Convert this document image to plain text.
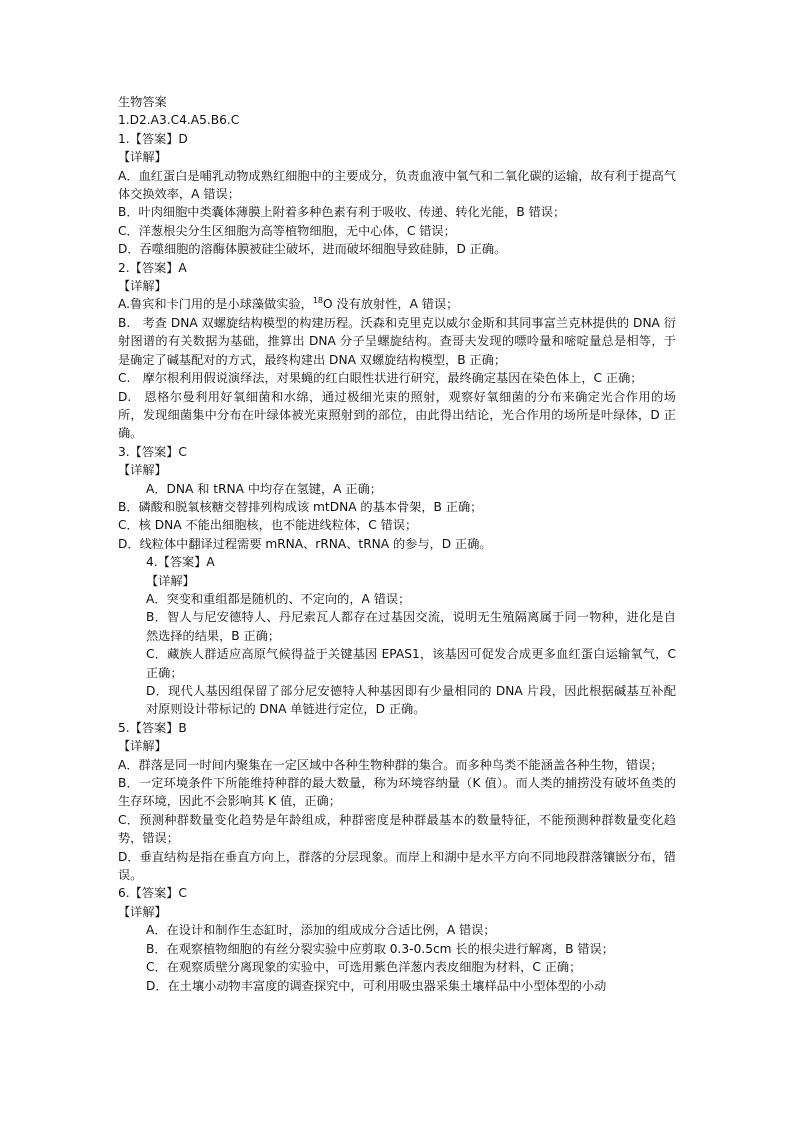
生物答案
1.D2.A3.C4.A5.B6.C
1.【答案】D
【详解】
A．血红蛋白是哺乳动物成熟红细胞中的主要成分，负责血液中氧气和二氧化碳的运输，故有利于提高气体交换效率，A 错误；
B．叶肉细胞中类囊体薄膜上附着多种色素有利于吸收、传递、转化光能，B 错误；
C．洋葱根尖分生区细胞为高等植物细胞，无中心体，C 错误；
D．吞噬细胞的溶酶体膜被硅尘破坏，进而破坏细胞导致硅肺，D 正确。
2.【答案】A
【详解】
A.鲁宾和卡门用的是小球藻做实验，$^{18}$O 没有放射性，A 错误；
B.　考查 DNA 双螺旋结构模型的构建历程。沃森和克里克以威尔金斯和其同事富兰克林提供的 DNA 衍射图谱的有关数据为基础，推算出 DNA 分子呈螺旋结构。查哥夫发现的嘌呤量和嘧啶量总是相等，于是确定了碱基配对的方式，最终构建出 DNA 双螺旋结构模型，B 正确；
C.　摩尔根利用假说演绎法，对果蝇的红白眼性状进行研究，最终确定基因在染色体上，C 正确；
D.　恩格尔曼利用好氧细菌和水绵，通过极细光束的照射，观察好氧细菌的分布来确定光合作用的场所，发现细菌集中分布在叶绿体被光束照射到的部位，由此得出结论，光合作用的场所是叶绿体，D 正确。
3.【答案】C
【详解】
A．DNA 和 tRNA 中均存在氢键，A 正确；
B．磷酸和脱氧核糖交替排列构成该 mtDNA 的基本骨架，B 正确；
C．核 DNA 不能出细胞核，也不能进线粒体，C 错误；
D．线粒体中翻译过程需要 mRNA、rRNA、tRNA 的参与，D 正确。
4.【答案】A
【详解】
A．突变和重组都是随机的、不定向的，A 错误；
B．智人与尼安德特人、丹尼索瓦人都存在过基因交流，说明无生殖隔离属于同一物种，进化是自然选择的结果，B 正确；
C．藏族人群适应高原气候得益于关键基因 EPAS1，该基因可促发合成更多血红蛋白运输氧气，C 正确；
D．现代人基因组保留了部分尼安德特人种基因即有少量相同的 DNA 片段，因此根据碱基互补配对原则设计带标记的 DNA 单链进行定位，D 正确。
5.【答案】B
【详解】
A．群落是同一时间内聚集在一定区域中各种生物种群的集合。而多种鸟类不能涵盖各种生物，错误；
B．一定环境条件下所能维持种群的最大数量，称为环境容纳量（K 值）。而人类的捕捞没有破坏鱼类的生存环境，因此不会影响其 K 值，正确；
C．预测种群数量变化趋势是年龄组成，种群密度是种群最基本的数量特征，不能预测种群数量变化趋势，错误；
D．垂直结构是指在垂直方向上，群落的分层现象。而岸上和湖中是水平方向不同地段群落镶嵌分布，错误。
6.【答案】C
【详解】
A．在设计和制作生态缸时，添加的组成成分合适比例，A 错误；
B．在观察植物细胞的有丝分裂实验中应剪取 0.3-0.5cm 长的根尖进行解离，B 错误；
C．在观察质壁分离现象的实验中，可选用紫色洋葱内表皮细胞为材料，C 正确；
D．在土壤小动物丰富度的调查探究中，可利用吸虫器采集土壤样品中小型体型的小动
